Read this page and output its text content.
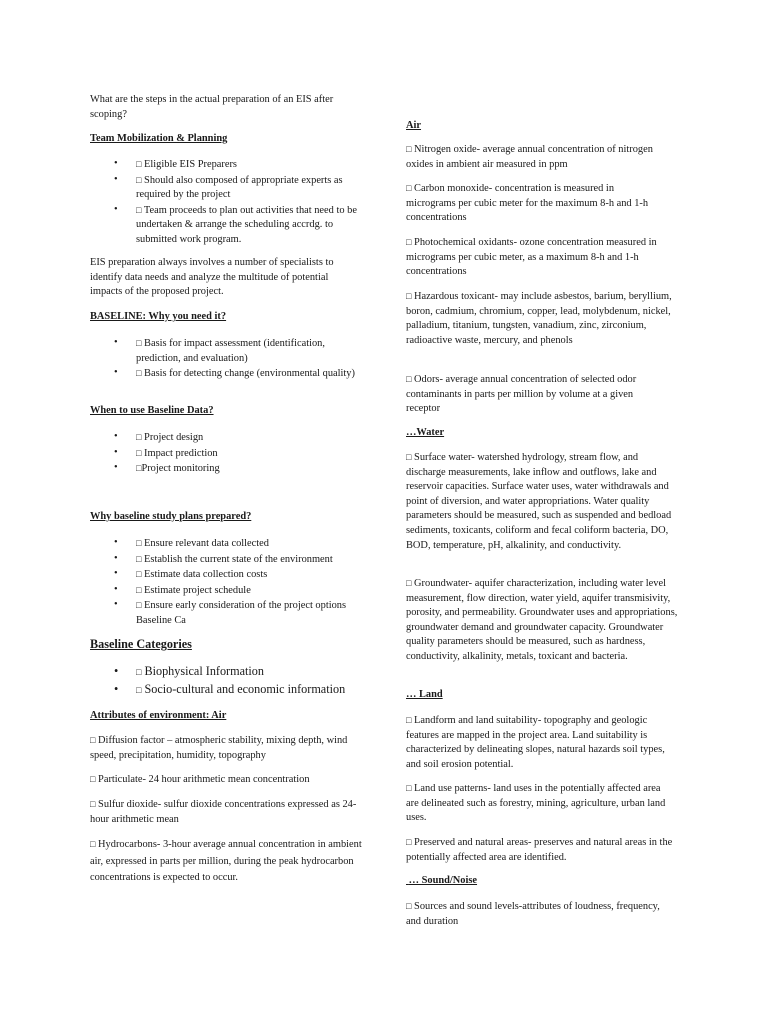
What are the steps in the actual preparation of an EIS after scoping?

Team Mobilization & Planning

• □ Eligible EIS Preparers
• □ Should also composed of appropriate experts as required by the project
• □ Team proceeds to plan out activities that need to be undertaken & arrange the scheduling accrdg. to submitted work program.

EIS preparation always involves a number of specialists to identify data needs and analyze the multitude of potential impacts of the proposed project.

BASELINE: Why you need it?

• □ Basis for impact assessment (identification, prediction, and evaluation)
• □ Basis for detecting change (environmental quality)

When to use Baseline Data?

• □ Project design
• □ Impact prediction
• □Project monitoring

Why baseline study plans prepared?

• □ Ensure relevant data collected
• □ Establish the current state of the environment
• □ Estimate data collection costs
• □ Estimate project schedule
• □ Ensure early consideration of the project options Baseline Ca

Baseline Categories

• □ Biophysical Information
• □ Socio-cultural and economic information

Attributes of environment: Air

□ Diffusion factor – atmospheric stability, mixing depth, wind speed, precipitation, humidity, topography

□ Particulate- 24 hour arithmetic mean concentration

□ Sulfur dioxide- sulfur dioxide concentrations expressed as 24-hour arithmetic mean

□ Hydrocarbons- 3-hour average annual concentration in ambient air, expressed in parts per million, during the peak hydrocarbon concentrations is expected to occur.

Air

□ Nitrogen oxide- average annual concentration of nitrogen oxides in ambient air measured in ppm

□ Carbon monoxide- concentration is measured in micrograms per cubic meter for the maximum 8-h and 1-h concentrations

□ Photochemical oxidants- ozone concentration measured in micrograms per cubic meter, as a maximum 8-h and 1-h concentrations

□ Hazardous toxicant- may include asbestos, barium, beryllium, boron, cadmium, chromium, copper, lead, molybdenum, nickel, palladium, titanium, tungsten, vanadium, zinc, zirconium, radioactive waste, mercury, and phenols

□ Odors- average annual concentration of selected odor contaminants in parts per million by volume at a given receptor

…Water

□ Surface water- watershed hydrology, stream flow, and discharge measurements, lake inflow and outflows, lake and reservoir capacities. Surface water uses, water withdrawals and point of diversion, and water appropriations. Water quality parameters should be measured, such as suspended and bedload sediments, toxicants, coliform and fecal coliform bacteria, DO, BOD, temperature, pH, alkalinity, and conductivity.

□ Groundwater- aquifer characterization, including water level measurement, flow direction, water yield, aquifer transmisivity, porosity, and permeability. Groundwater uses and appropriations, groundwater demand and groundwater capacity. Groundwater quality parameters should be measured, such as hardness, conductivity, alkalinity, metals, toxicant and bacteria.

… Land

□ Landform and land suitability- topography and geologic features are mapped in the project area. Land suitability is characterized by delineating slopes, natural hazards soil types, and soil erosion potential.

□ Land use patterns- land uses in the potentially affected area are delineated such as forestry, mining, agriculture, urban land uses.

□ Preserved and natural areas- preserves and natural areas in the potentially affected area are identified.

… Sound/Noise

□ Sources and sound levels-attributes of loudness, frequency, and duration
